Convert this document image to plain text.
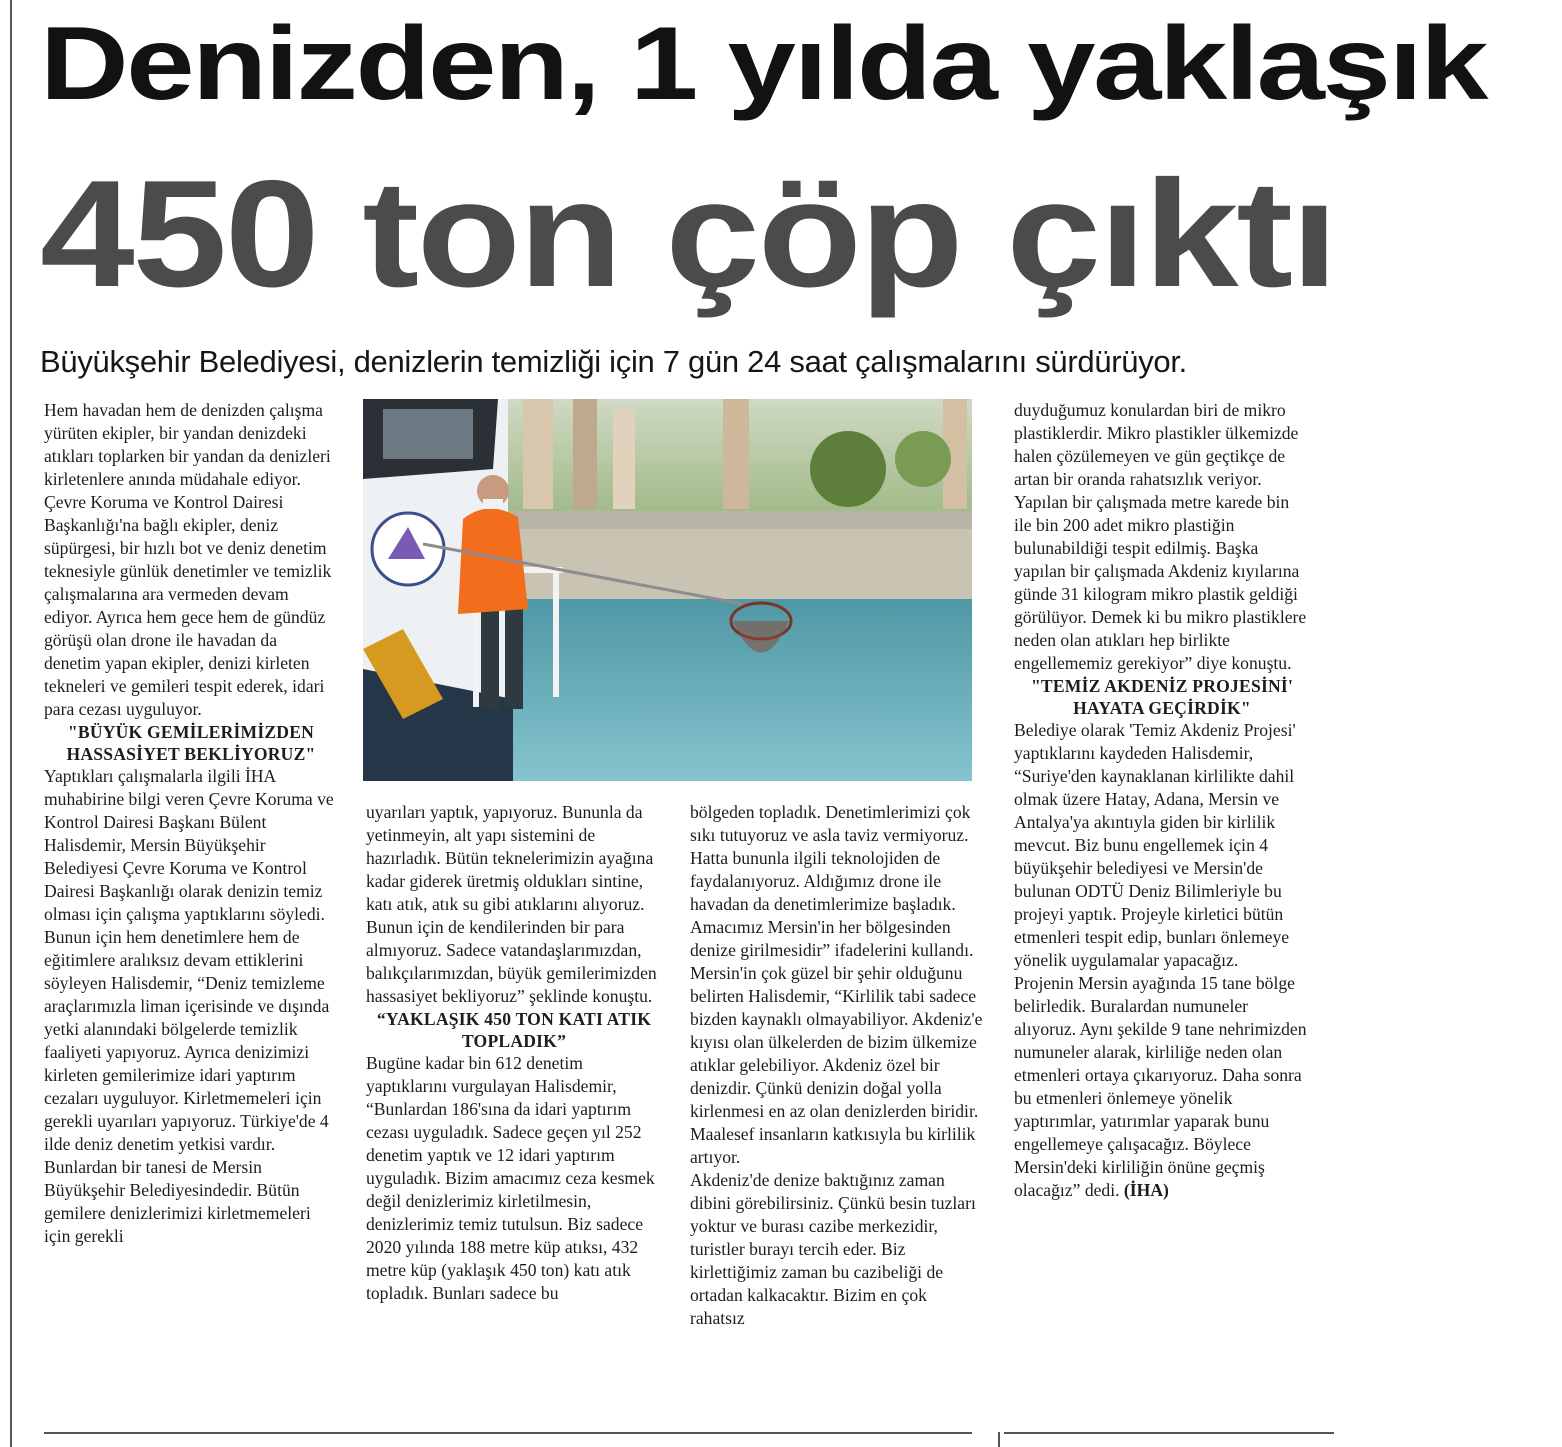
Denizden, 1 yılda yaklaşık
450 ton çöp çıktı
Büyükşehir Belediyesi, denizlerin temizliği için 7 gün 24 saat çalışmalarını sürdürüyor.

Hem havadan hem de denizden çalışma yürüten ekipler, bir yandan denizdeki atıkları toplarken bir yandan da denizleri kirletenlere anında müdahale ediyor. Çevre Koruma ve Kontrol Dairesi Başkanlığı'na bağlı ekipler, deniz süpürgesi, bir hızlı bot ve deniz denetim teknesiyle günlük denetimler ve temizlik çalışmalarına ara vermeden devam ediyor. Ayrıca hem gece hem de gündüz görüşü olan drone ile havadan da denetim yapan ekipler, denizi kirleten tekneleri ve gemileri tespit ederek, idari para cezası uyguluyor.

"BÜYÜK GEMİLERİMİZDEN HASSASİYET BEKLİYORUZ"

Yaptıkları çalışmalarla ilgili İHA muhabirine bilgi veren Çevre Koruma ve Kontrol Dairesi Başkanı Bülent Halisdemir, Mersin Büyükşehir Belediyesi Çevre Koruma ve Kontrol Dairesi Başkanlığı olarak denizin temiz olması için çalışma yaptıklarını söyledi. Bunun için hem denetimlere hem de eğitimlere aralıksız devam ettiklerini söyleyen Halisdemir, “Deniz temizleme araçlarımızla liman içerisinde ve dışında yetki alanındaki bölgelerde temizlik faaliyeti yapıyoruz. Ayrıca denizimizi kirleten gemilerimize idari yaptırım cezaları uyguluyor. Kirletmemeleri için gerekli uyarıları yapıyoruz. Türkiye'de 4 ilde deniz denetim yetkisi vardır. Bunlardan bir tanesi de Mersin Büyükşehir Belediyesindedir. Bütün gemilere denizlerimizi kirletmemeleri için gerekli

uyarıları yaptık, yapıyoruz. Bununla da yetinmeyin, alt yapı sistemini de hazırladık. Bütün teknelerimizin ayağına kadar giderek üretmiş oldukları sintine, katı atık, atık su gibi atıklarını alıyoruz. Bunun için de kendilerinden bir para almıyoruz. Sadece vatandaşlarımızdan, balıkçılarımızdan, büyük gemilerimizden hassasiyet bekliyoruz” şeklinde konuştu.

“YAKLAŞIK 450 TON KATI ATIK TOPLADIK”

Bugüne kadar bin 612 denetim yaptıklarını vurgulayan Halisdemir, “Bunlardan 186'sına da idari yaptırım cezası uyguladık. Sadece geçen yıl 252 denetim yaptık ve 12 idari yaptırım uyguladık. Bizim amacımız ceza kesmek değil denizlerimiz kirletilmesin, denizlerimiz temiz tutulsun. Biz sadece 2020 yılında 188 metre küp atıksı, 432 metre küp (yaklaşık 450 ton) katı atık topladık. Bunları sadece bu

bölgeden topladık. Denetimlerimizi çok sıkı tutuyoruz ve asla taviz vermiyoruz. Hatta bununla ilgili teknolojiden de faydalanıyoruz. Aldığımız drone ile havadan da denetimlerimize başladık. Amacımız Mersin'in her bölgesinden denize girilmesidir” ifadelerini kullandı. Mersin'in çok güzel bir şehir olduğunu belirten Halisdemir, “Kirlilik tabi sadece bizden kaynaklı olmayabiliyor. Akdeniz'e kıyısı olan ülkelerden de bizim ülkemize atıklar gelebiliyor. Akdeniz özel bir denizdir. Çünkü denizin doğal yolla kirlenmesi en az olan denizlerden biridir. Maalesef insanların katkısıyla bu kirlilik artıyor.

Akdeniz'de denize baktığınız zaman dibini görebilirsiniz. Çünkü besin tuzları yoktur ve burası cazibe merkezidir, turistler burayı tercih eder. Biz kirlettiğimiz zaman bu cazibeliği de ortadan kalkacaktır. Bizim en çok rahatsız

duyduğumuz konulardan biri de mikro plastiklerdir. Mikro plastikler ülkemizde halen çözülemeyen ve gün geçtikçe de artan bir oranda rahatsızlık veriyor. Yapılan bir çalışmada metre karede bin ile bin 200 adet mikro plastiğin bulunabildiği tespit edilmiş. Başka yapılan bir çalışmada Akdeniz kıyılarına günde 31 kilogram mikro plastik geldiği görülüyor. Demek ki bu mikro plastiklere neden olan atıkları hep birlikte engellememiz gerekiyor” diye konuştu.

"TEMİZ AKDENİZ PROJESİNİ' HAYATA GEÇİRDİK"

Belediye olarak 'Temiz Akdeniz Projesi' yaptıklarını kaydeden Halisdemir, “Suriye'den kaynaklanan kirlilikte dahil olmak üzere Hatay, Adana, Mersin ve Antalya'ya akıntıyla giden bir kirlilik mevcut. Biz bunu engellemek için 4 büyükşehir belediyesi ve Mersin'de bulunan ODTÜ Deniz Bilimleriyle bu projeyi yaptık. Projeyle kirletici bütün etmenleri tespit edip, bunları önlemeye yönelik uygulamalar yapacağız.

Projenin Mersin ayağında 15 tane bölge belirledik. Buralardan numuneler alıyoruz. Aynı şekilde 9 tane nehrimizden numuneler alarak, kirliliğe neden olan etmenleri ortaya çıkarıyoruz. Daha sonra bu etmenleri önlemeye yönelik yaptırımlar, yatırımlar yaparak bunu engellemeye çalışacağız. Böylece Mersin'deki kirliliğin önüne geçmiş olacağız” dedi. (İHA)
